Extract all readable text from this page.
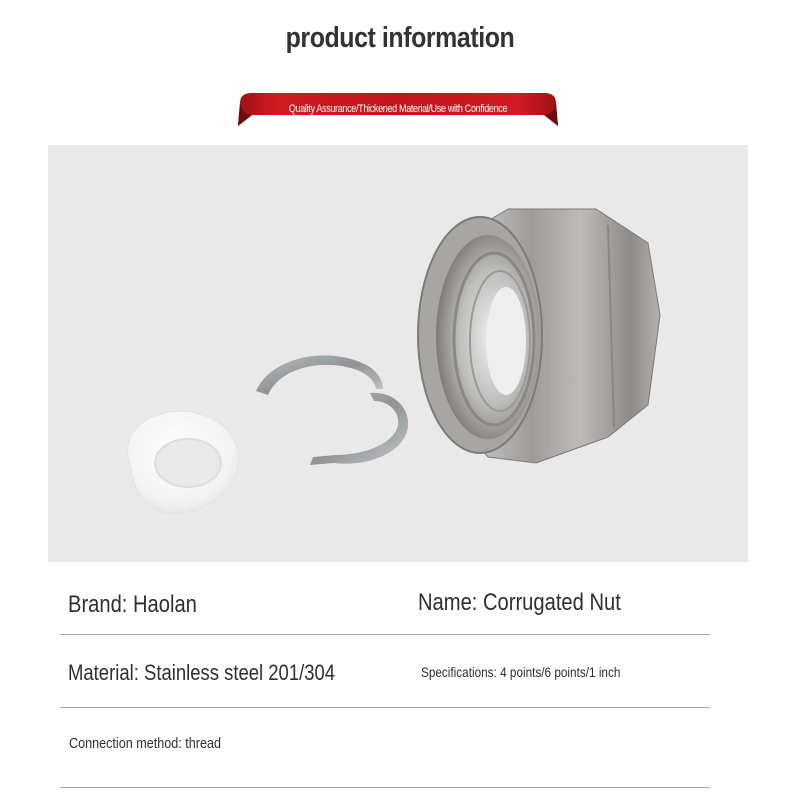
product information
Quality Assurance/Thickened Material/Use with Confidence
Brand: Haolan	Name: Corrugated Nut
Material: Stainless steel 201/304	Specifications: 4 points/6 points/1 inch
Connection method: thread
